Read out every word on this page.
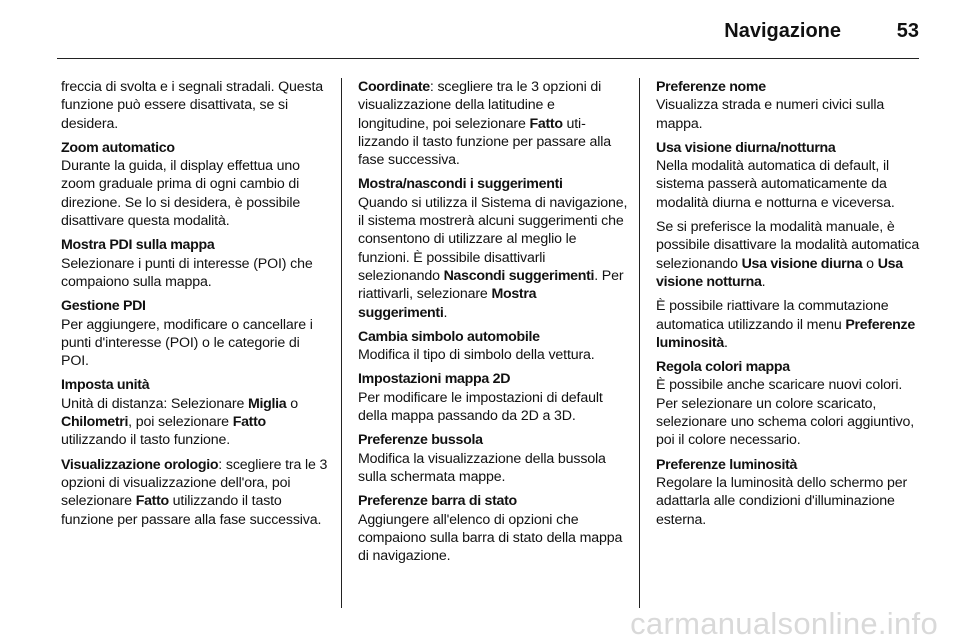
Navigazione	53

freccia di svolta e i segnali stradali. Questa funzione può essere disattivata, se si desidera.

Zoom automatico
Durante la guida, il display effettua uno zoom graduale prima di ogni cambio di direzione. Se lo si desidera, è possibile disattivare questa modalità.

Mostra PDI sulla mappa
Selezionare i punti di interesse (POI) che compaiono sulla mappa.

Gestione PDI
Per aggiungere, modificare o cancellare i punti d'interesse (POI) o le categorie di POI.

Imposta unità
Unità di distanza: Selezionare Miglia o Chilometri, poi selezionare Fatto utilizzando il tasto funzione.

Visualizzazione orologio: scegliere tra le 3 opzioni di visualizzazione dell'ora, poi selezionare Fatto utilizzando il tasto funzione per passare alla fase successiva.

Coordinate: scegliere tra le 3 opzioni di visualizzazione della latitudine e longitudine, poi selezionare Fatto utilizzando il tasto funzione per passare alla fase successiva.

Mostra/nascondi i suggerimenti
Quando si utilizza il Sistema di navigazione, il sistema mostrerà alcuni suggerimenti che consentono di utilizzare al meglio le funzioni. È possibile disattivarli selezionando Nascondi suggerimenti. Per riattivarli, selezionare Mostra suggerimenti.

Cambia simbolo automobile
Modifica il tipo di simbolo della vettura.

Impostazioni mappa 2D
Per modificare le impostazioni di default della mappa passando da 2D a 3D.

Preferenze bussola
Modifica la visualizzazione della bussola sulla schermata mappe.

Preferenze barra di stato
Aggiungere all'elenco di opzioni che compaiono sulla barra di stato della mappa di navigazione.

Preferenze nome
Visualizza strada e numeri civici sulla mappa.

Usa visione diurna/notturna
Nella modalità automatica di default, il sistema passerà automaticamente da modalità diurna e notturna e viceversa.

Se si preferisce la modalità manuale, è possibile disattivare la modalità automatica selezionando Usa visione diurna o Usa visione notturna.

È possibile riattivare la commutazione automatica utilizzando il menu Preferenze luminosità.

Regola colori mappa
È possibile anche scaricare nuovi colori. Per selezionare un colore scaricato, selezionare uno schema colori aggiuntivo, poi il colore necessario.

Preferenze luminosità
Regolare la luminosità dello schermo per adattarla alle condizioni d'illuminazione esterna.

carmanualsonline.info
